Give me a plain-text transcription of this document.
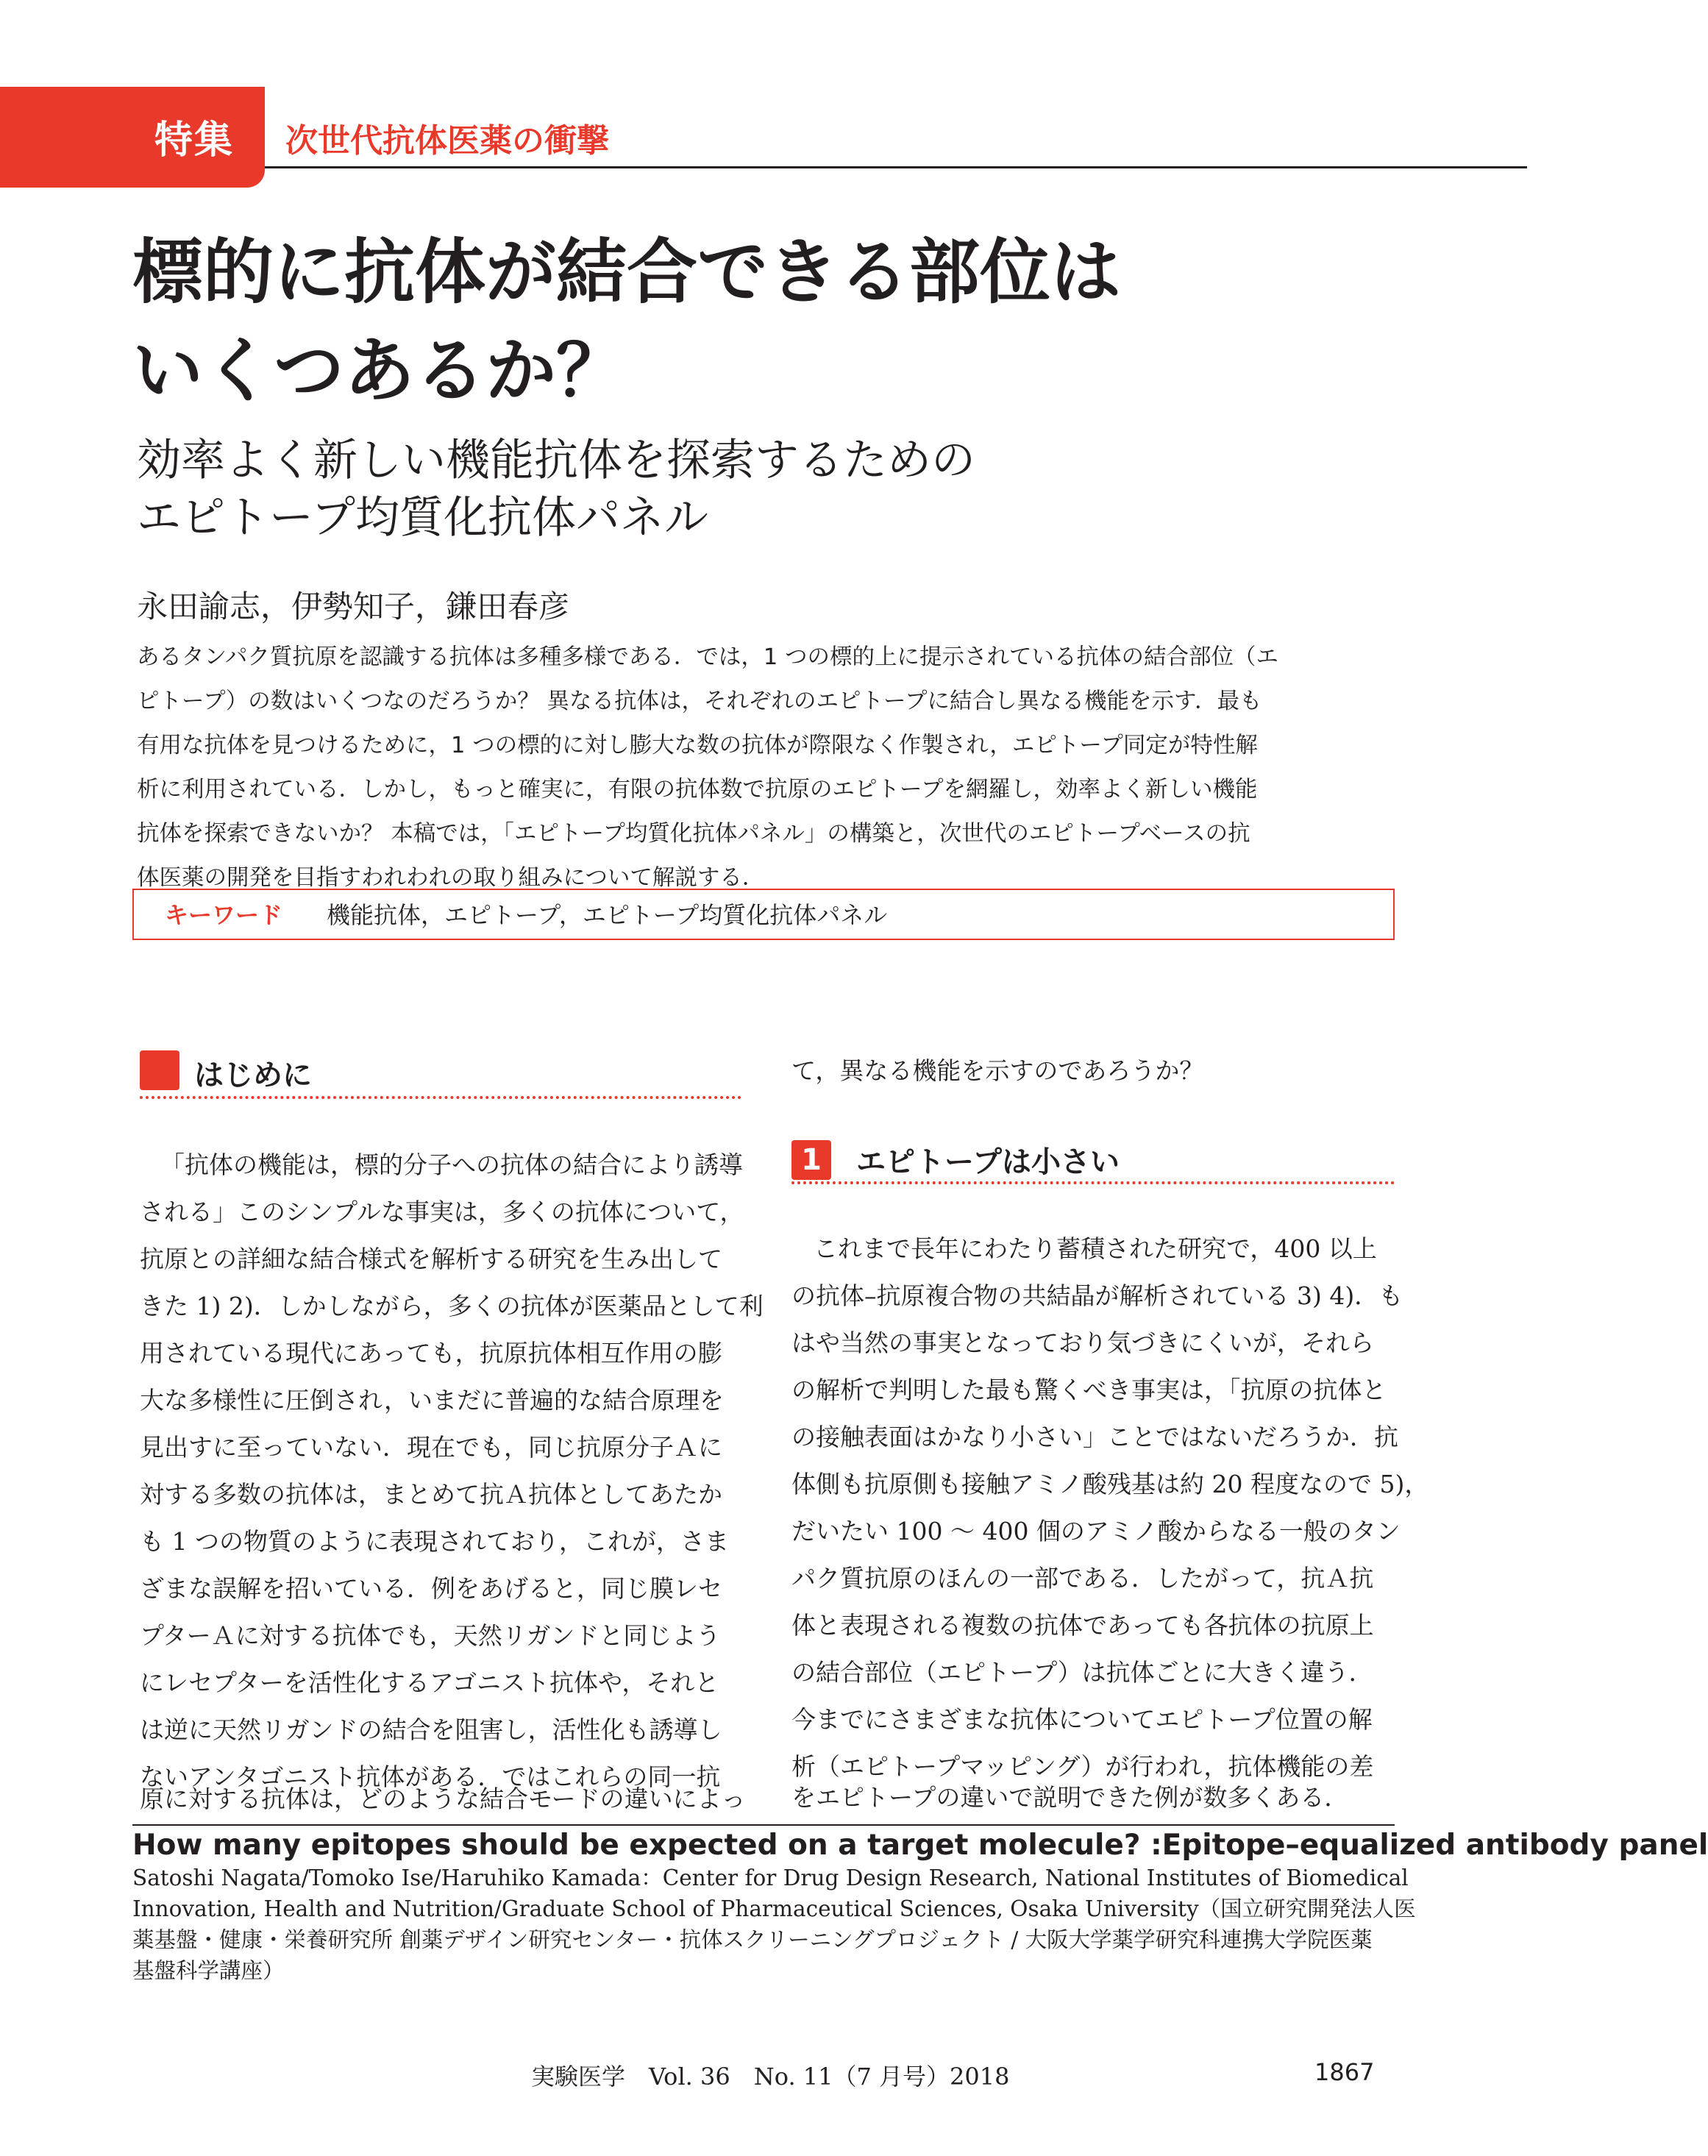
特集 次世代抗体医薬の衝撃
標的に抗体が結合できる部位は
いくつあるか？
効率よく新しい機能抗体を探索するための
エピトープ均質化抗体パネル
永田諭志，伊勢知子，鎌田春彦
あるタンパク質抗原を認識する抗体は多種多様である．では，1 つの標的上に提示されている抗体の結合部位（エ
ピトープ）の数はいくつなのだろうか？ 異なる抗体は，それぞれのエピトープに結合し異なる機能を示す．最も
有用な抗体を見つけるために，1 つの標的に対し膨大な数の抗体が際限なく作製され，エピトープ同定が特性解
析に利用されている．しかし，もっと確実に，有限の抗体数で抗原のエピトープを網羅し，効率よく新しい機能
抗体を探索できないか？ 本稿では，「エピトープ均質化抗体パネル」の構築と，次世代のエピトープベースの抗
体医薬の開発を目指すわれわれの取り組みについて解説する．
キーワード 機能抗体，エピトープ，エピトープ均質化抗体パネル
はじめに
「抗体の機能は，標的分子への抗体の結合により誘導
される」このシンプルな事実は，多くの抗体について，
抗原との詳細な結合様式を解析する研究を生み出して
きた 1) 2)．しかしながら，多くの抗体が医薬品として利
用されている現代にあっても，抗原抗体相互作用の膨
大な多様性に圧倒され，いまだに普遍的な結合原理を
見出すに至っていない．現在でも，同じ抗原分子Ａに
対する多数の抗体は，まとめて抗Ａ抗体としてあたか
も 1 つの物質のように表現されており，これが，さま
ざまな誤解を招いている．例をあげると，同じ膜レセ
プターＡに対する抗体でも，天然リガンドと同じよう
にレセプターを活性化するアゴニスト抗体や，それと
は逆に天然リガンドの結合を阻害し，活性化も誘導し
ないアンタゴニスト抗体がある．ではこれらの同一抗
原に対する抗体は，どのような結合モードの違いによっ
て，異なる機能を示すのであろうか？
1	エピトープは小さい
これまで長年にわたり蓄積された研究で，400 以上
の抗体–抗原複合物の共結晶が解析されている 3) 4)．も
はや当然の事実となっており気づきにくいが，それら
の解析で判明した最も驚くべき事実は，「抗原の抗体と
の接触表面はかなり小さい」ことではないだろうか．抗
体側も抗原側も接触アミノ酸残基は約 20 程度なので 5)，
だいたい 100 〜 400 個のアミノ酸からなる一般のタン
パク質抗原のほんの一部である．したがって，抗Ａ抗
体と表現される複数の抗体であっても各抗体の抗原上
の結合部位（エピトープ）は抗体ごとに大きく違う．
今までにさまざまな抗体についてエピトープ位置の解
析（エピトープマッピング）が行われ，抗体機能の差
をエピトープの違いで説明できた例が数多くある．
How many epitopes should be expected on a target molecule? :Epitope–equalized antibody panel
Satoshi Nagata/Tomoko Ise/Haruhiko Kamada：Center for Drug Design Research, National Institutes of Biomedical
Innovation, Health and Nutrition/Graduate School of Pharmaceutical Sciences, Osaka University（国立研究開発法人医
薬基盤・健康・栄養研究所 創薬デザイン研究センター・抗体スクリーニングプロジェクト / 大阪大学薬学研究科連携大学院医薬
基盤科学講座）
実験医学　Vol. 36　No. 11（7 月号）2018	1867
